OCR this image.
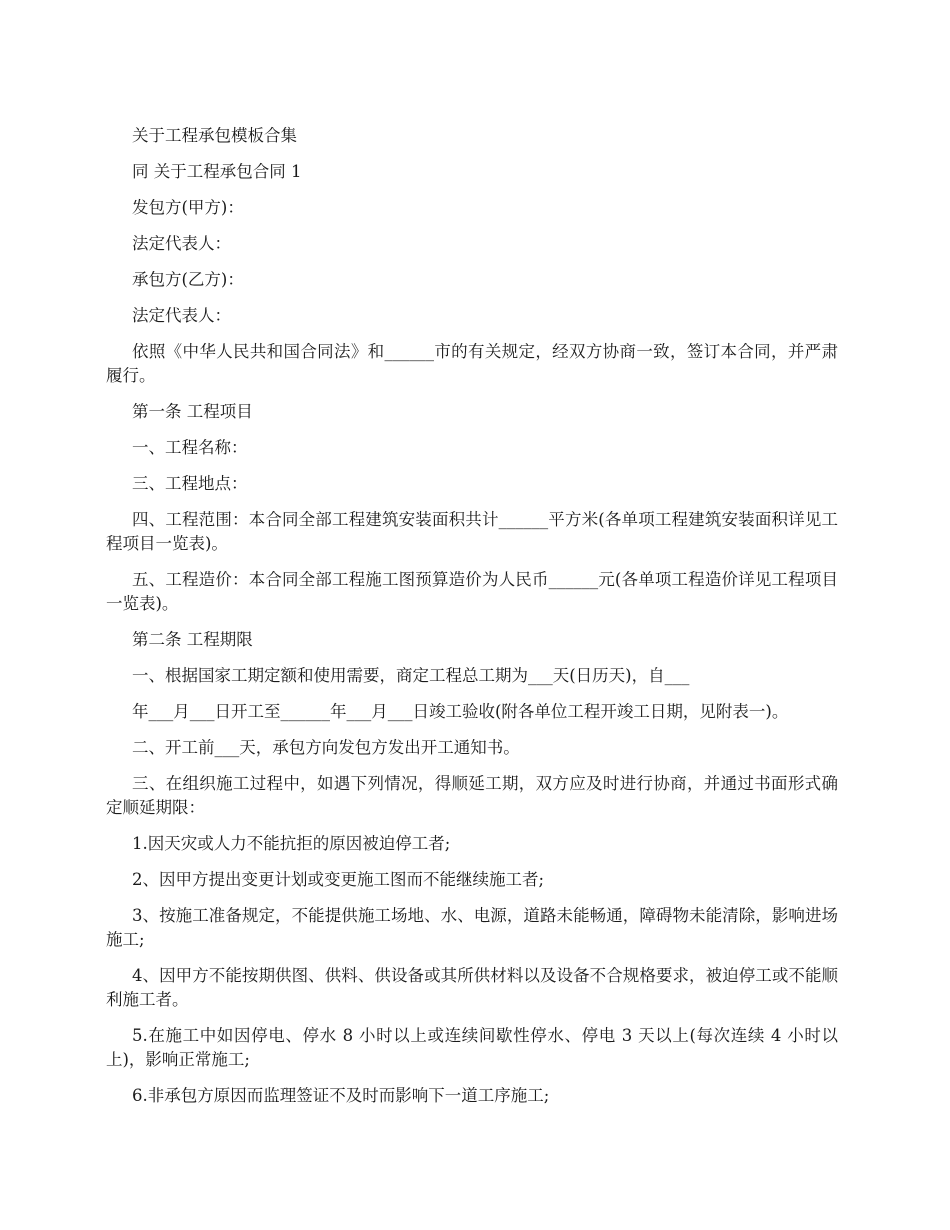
关于工程承包模板合集

同 关于工程承包合同 1

发包方(甲方)：

法定代表人：

承包方(乙方)：

法定代表人：

依照《中华人民共和国合同法》和______市的有关规定，经双方协商一致，签订本合同，并严肃履行。

第一条 工程项目

一、工程名称：

三、工程地点：

四、工程范围：本合同全部工程建筑安装面积共计______平方米(各单项工程建筑安装面积详见工程项目一览表)。

五、工程造价：本合同全部工程施工图预算造价为人民币______元(各单项工程造价详见工程项目一览表)。

第二条 工程期限

一、根据国家工期定额和使用需要，商定工程总工期为___天(日历天)，自___

年___月___日开工至______年___月___日竣工验收(附各单位工程开竣工日期，见附表一)。

二、开工前___天，承包方向发包方发出开工通知书。

三、在组织施工过程中，如遇下列情况，得顺延工期，双方应及时进行协商，并通过书面形式确定顺延期限：

1.因天灾或人力不能抗拒的原因被迫停工者;

2、因甲方提出变更计划或变更施工图而不能继续施工者;

3、按施工准备规定，不能提供施工场地、水、电源，道路未能畅通，障碍物未能清除，影响进场施工;

4、因甲方不能按期供图、供料、供设备或其所供材料以及设备不合规格要求，被迫停工或不能顺利施工者。

5.在施工中如因停电、停水 8 小时以上或连续间歇性停水、停电 3 天以上(每次连续 4 小时以上)，影响正常施工;

6.非承包方原因而监理签证不及时而影响下一道工序施工;
